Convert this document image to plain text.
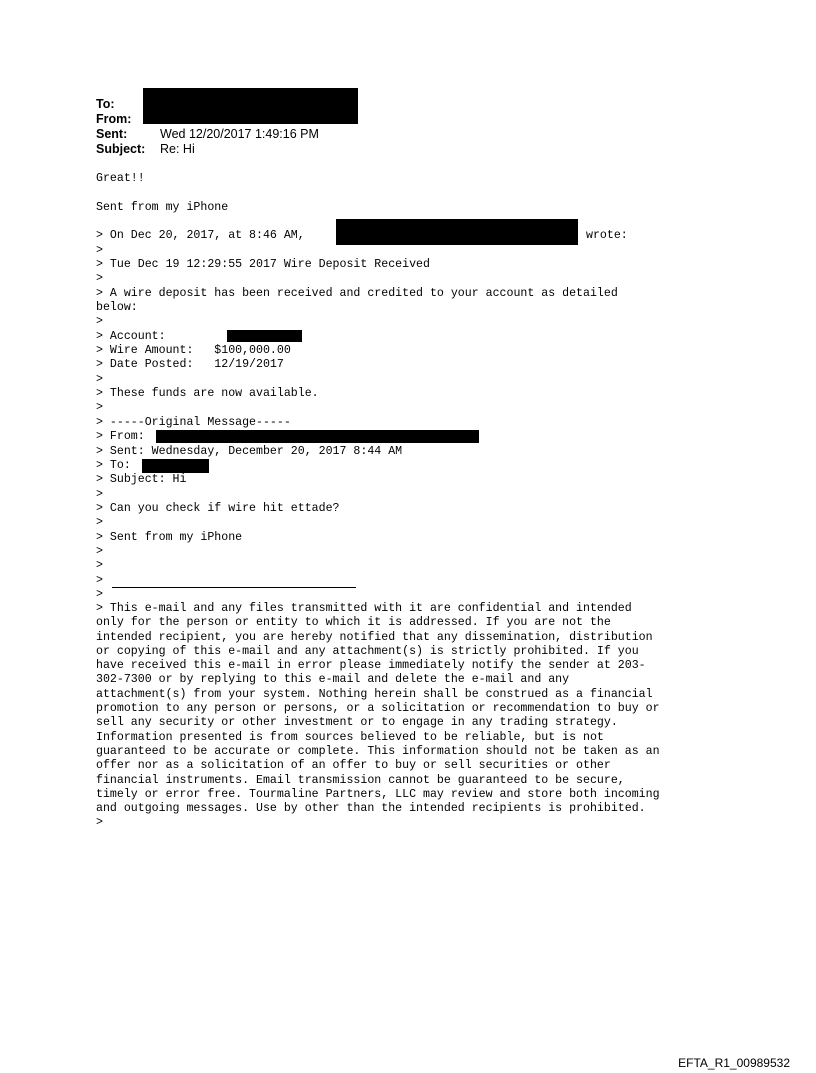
To:
From:
Sent:	Wed 12/20/2017 1:49:16 PM
Subject: Re: Hi
Great!!
Sent from my iPhone
> On Dec 20, 2017, at 8:46 AM,	wrote:
>
> Tue Dec 19 12:29:55 2017 Wire Deposit Received
>
> A wire deposit has been received and credited to your account as detailed
below:
>
> Account:
> Wire Amount:   $100,000.00
> Date Posted:   12/19/2017
>
> These funds are now available.
>
> -----Original Message-----
> From:
> Sent: Wednesday, December 20, 2017 8:44 AM
> To:
> Subject: Hi
>
> Can you check if wire hit ettade?
>
> Sent from my iPhone
>
>
>
>
> This e-mail and any files transmitted with it are confidential and intended
only for the person or entity to which it is addressed. If you are not the
intended recipient, you are hereby notified that any dissemination, distribution
or copying of this e-mail and any attachment(s) is strictly prohibited. If you
have received this e-mail in error please immediately notify the sender at 203-
302-7300 or by replying to this e-mail and delete the e-mail and any
attachment(s) from your system. Nothing herein shall be construed as a financial
promotion to any person or persons, or a solicitation or recommendation to buy or
sell any security or other investment or to engage in any trading strategy.
Information presented is from sources believed to be reliable, but is not
guaranteed to be accurate or complete. This information should not be taken as an
offer nor as a solicitation of an offer to buy or sell securities or other
financial instruments. Email transmission cannot be guaranteed to be secure,
timely or error free. Tourmaline Partners, LLC may review and store both incoming
and outgoing messages. Use by other than the intended recipients is prohibited.
>
EFTA_R1_00989532
